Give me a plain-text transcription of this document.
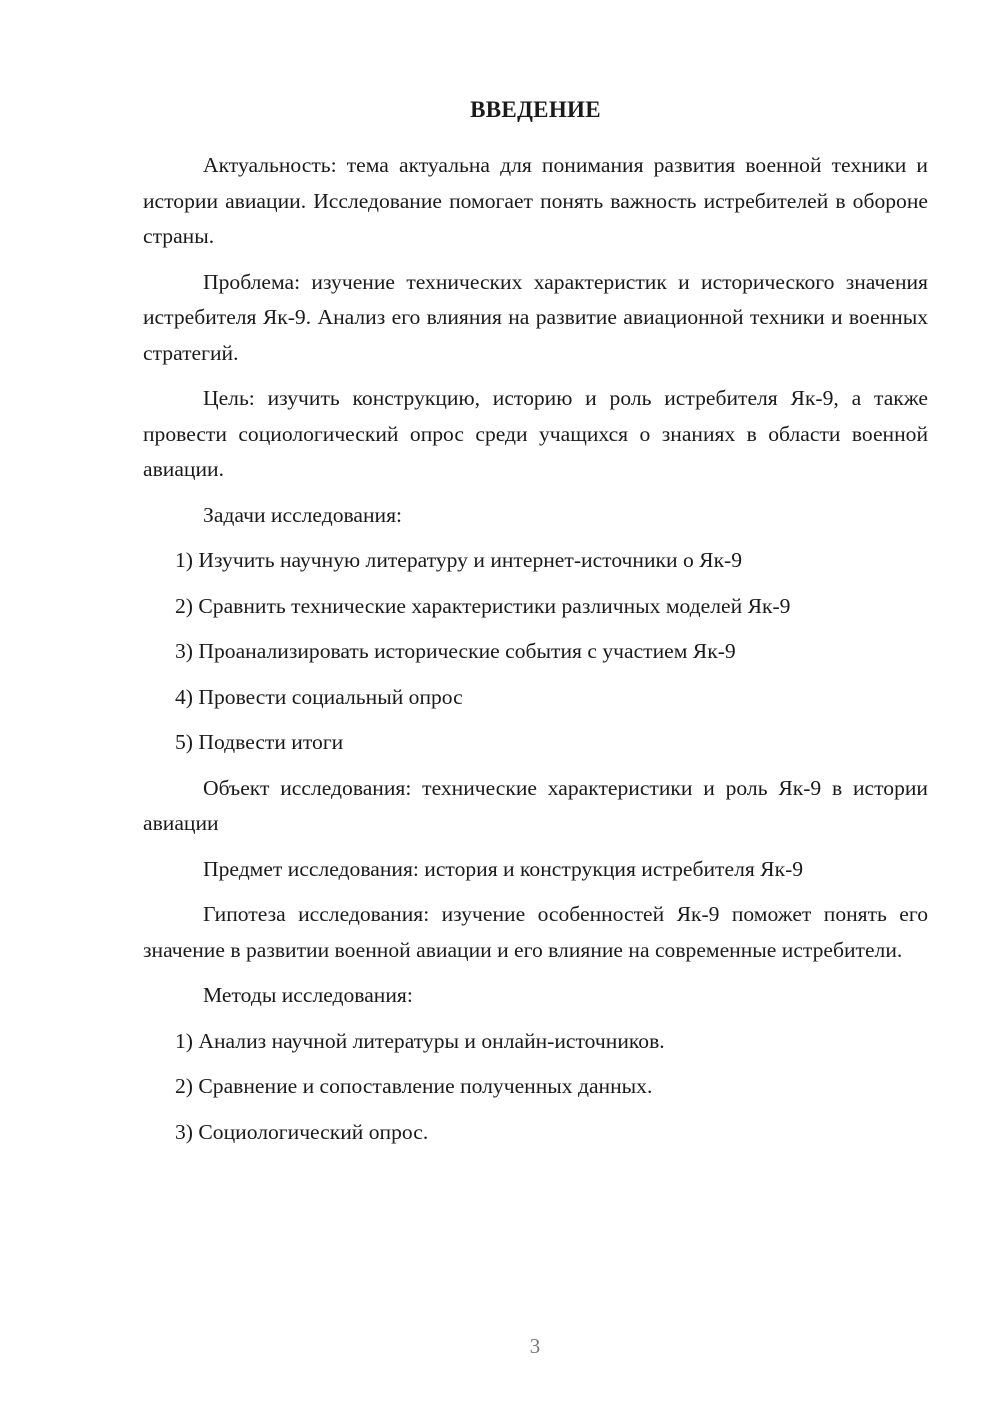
ВВЕДЕНИЕ

Актуальность: тема актуальна для понимания развития военной техники и истории авиации. Исследование помогает понять важность истребителей в обороне страны.

Проблема: изучение технических характеристик и исторического значения истребителя Як-9. Анализ его влияния на развитие авиационной техники и военных стратегий.

Цель: изучить конструкцию, историю и роль истребителя Як-9, а также провести социологический опрос среди учащихся о знаниях в области военной авиации.

Задачи исследования:

1) Изучить научную литературу и интернет-источники о Як-9
2) Сравнить технические характеристики различных моделей Як-9
3) Проанализировать исторические события с участием Як-9
4) Провести социальный опрос
5) Подвести итоги

Объект исследования: технические характеристики и роль Як-9 в истории авиации

Предмет исследования: история и конструкция истребителя Як-9

Гипотеза исследования: изучение особенностей Як-9 поможет понять его значение в развитии военной авиации и его влияние на современные истребители.

Методы исследования:

1) Анализ научной литературы и онлайн-источников.
2) Сравнение и сопоставление полученных данных.
3) Социологический опрос.
3
